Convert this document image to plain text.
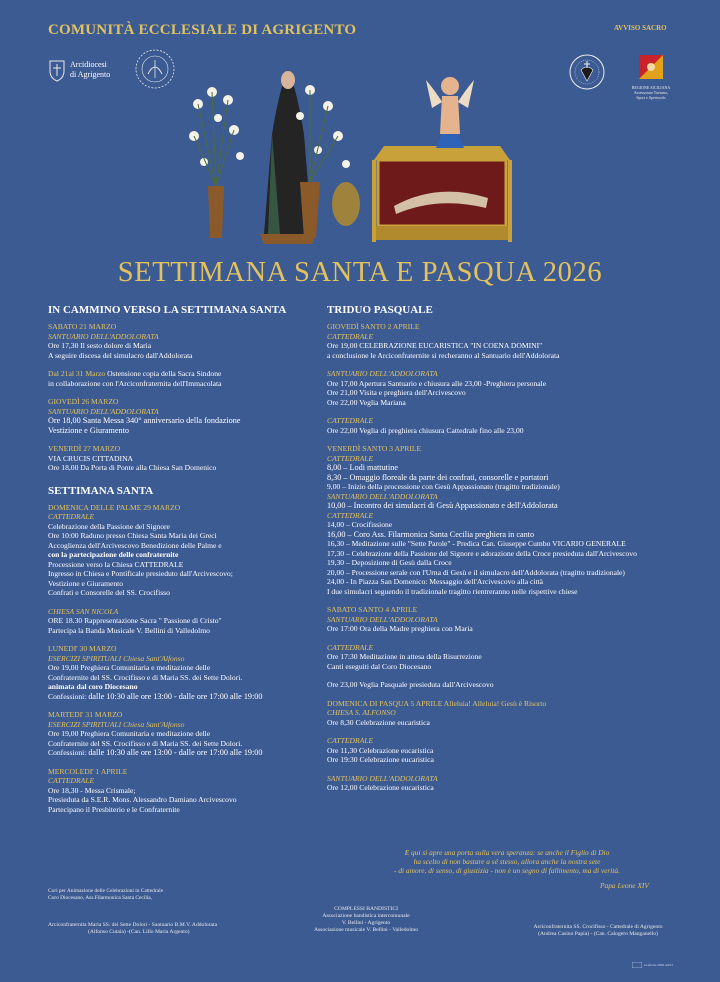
COMUNITÀ ECCLESIALE DI AGRIGENTO	AVVISO SACRO
Arcidiocesi
di Agrigento
REGIONE SICILIANA
Assessorato Turismo,
Sport e Spettacolo
SETTIMANA SANTA E PASQUA 2026
IN CAMMINO VERSO LA SETTIMANA SANTA
SABATO 21 MARZO
SANTUARIO DELL'ADDOLORATA
Ore 17,30 Il sesto dolore di Maria
A seguire discesa del simulacro dall'Addolorata
Dal 21al 31 Marzo Ostensione copia della Sacra Sindone
in collaborazione con l'Arciconfraternita dell'Immacolata
GIOVEDÌ 26 MARZO
SANTUARIO DELL'ADDOLORATA
Ore 18,00 Santa Messa 340° anniversario della fondazione
Vestizione e Giuramento
VENERDÌ 27 MARZO
VIA CRUCIS CITTADINA
Ore 18,00 Da Porta di Ponte alla Chiesa San Domenico
SETTIMANA SANTA
DOMENICA DELLE PALME 29 MARZO
CATTEDRALE
Celebrazione della Passione del Signore
Ore 10:00 Raduno presso Chiesa Santa Maria dei Greci
Accoglienza dell'Arcivescovo Benedizione delle Palme e
con la partecipazione delle confraternite
Processione verso la Chiesa CATTEDRALE
Ingresso in Chiesa e Pontificale presieduto dall'Arcivescovo;
Vestizione e Giuramento
Confrati e Consorelle del SS. Crocifisso
CHIESA SAN NICOLA
ORE 18.30 Rappresentazione Sacra " Passione di Cristo"
Partecipa la Banda Musicale V. Bellini di Valledolmo
LUNEDI' 30 MARZO
ESERCIZI SPIRITUALI Chiesa Sant'Alfonso
Ore 19,00 Preghiera Comunitaria e meditazione delle
Confraternite del SS. Crocifisso e di Maria SS. dei Sette Dolori.
animata dal coro Diocesano
Confessioni: dalle 10:30 alle ore 13:00 - dalle ore 17:00 alle 19:00
MARTEDI' 31 MARZO
ESERCIZI SPIRITUALI Chiesa Sant'Alfonso
Ore 19,00 Preghiera Comunitaria e meditazione delle
Confraternite del SS. Crocifisso e di Maria SS. dei Sette Dolori.
Confessioni: dalle 10:30 alle ore 13:00 - dalle ore 17:00 alle 19:00
MERCOLEDI' 1 APRILE
CATTEDRALE
Ore 18,30 - Messa Crismale;
Presieduta da S.E.R. Mons. Alessandro Damiano Arcivescovo
Partecipano il Presbiterio e le Confraternite
TRIDUO PASQUALE
GIOVEDÌ SANTO 2 APRILE
CATTEDRALE
Ore 19,00 CELEBRAZIONE EUCARISTICA "IN COENA DOMINI"
a conclusione le Arciconfraternite si recheranno al Santuario dell'Addolorata
SANTUARIO DELL'ADDOLORATA
Ore 17,00 Apertura Santuario e chiusura alle 23,00 -Preghiera personale
Ore 21,00 Visita e preghiera dell'Arcivescovo
Ore 22,00 Veglia Mariana
CATTEDRALE
Ore 22,00 Veglia di preghiera chiusura Cattedrale fino alle 23,00
VENERDÌ SANTO 3 APRILE
CATTEDRALE
8,00 – Lodi mattutine
8,30 – Omaggio floreale da parte dei confrati, consorelle e portatori
9,00 – Inizio della processione con Gesù Appassionato (tragitto tradizionale)
SANTUARIO DELL'ADDOLORATA
10,00 – Incontro dei simulacri di Gesù Appassionato e dell'Addolorata
CATTEDRALE
14,00 – Crocifissione
16,00 – Coro Ass. Filarmonica Santa Cecilia preghiera in canto
16,30 – Meditazione sulle "Sette Parole" - Predica Can. Giuseppe Cumbo VICARIO GENERALE
17,30 – Celebrazione della Passione del Signore e adorazione della Croce presieduta dall'Arcivescovo
19,30 – Deposizione di Gesù dalla Croce
20,00 – Processione serale con l'Urna di Gesù e il simulacro dell'Addolorata (tragitto tradizionale)
24,00 - In Piazza San Domenico: Messaggio dell'Arcivescovo alla città
I due simulacri seguendo il tradizionale tragitto rientreranno nelle rispettive chiese
SABATO SANTO 4 APRILE
SANTUARIO DELL'ADDOLORATA
Ore 17:00 Ora della Madre preghiera con Maria
CATTEDRALE
Ore 17:30 Meditazione in attesa della Risurrezione
Canti eseguiti dal Coro Diocesano
Ore 23,00 Veglia Pasquale presieduta dall'Arcivescovo
DOMENICA DI PASQUA 5 APRILE Alleluia! Alleluia! Gesù è Risorto
CHIESA S. ALFONSO
Ore 8,30 Celebrazione eucaristica
CATTEDRALE
Ore 11,30 Celebrazione eucaristica
Ore 19:30 Celebrazione eucaristica
SANTUARIO DELL'ADDOLORATA
Ore 12,00 Celebrazione eucaristica
E qui si apre una porta sulla vera speranza: se anche il Figlio di Dio
ha scelto di non bastare a sé stesso, allora anche la nostra sete
- di amore, di senso, di giustizia - non è un segno di fallimento, ma di verità.
Papa Leone XIV
Cori per Animazione delle Celebrazioni in Cattedrale
Coro Diocesano, Ass.Filarmonica Santa Cecilia,
Arciconfraternita Maria SS. dei Sette Dolori - Santuario B.M.V. Addolorata
(Alfonso Cutaia) -(Can. Lillo Maria Argento)
COMPLESSI BANDISTICI
Associazione bandistica intercomunale
V. Bellini - Agrigento
Associazione musicale V. Bellini - Valledolmo	Arciconfraternita SS. Crocifisso - Cattedrale di Agrigento
(Andrea Casino Papia) - (Can. Calogero Manganello)
Grafiche 2000 ARTI
